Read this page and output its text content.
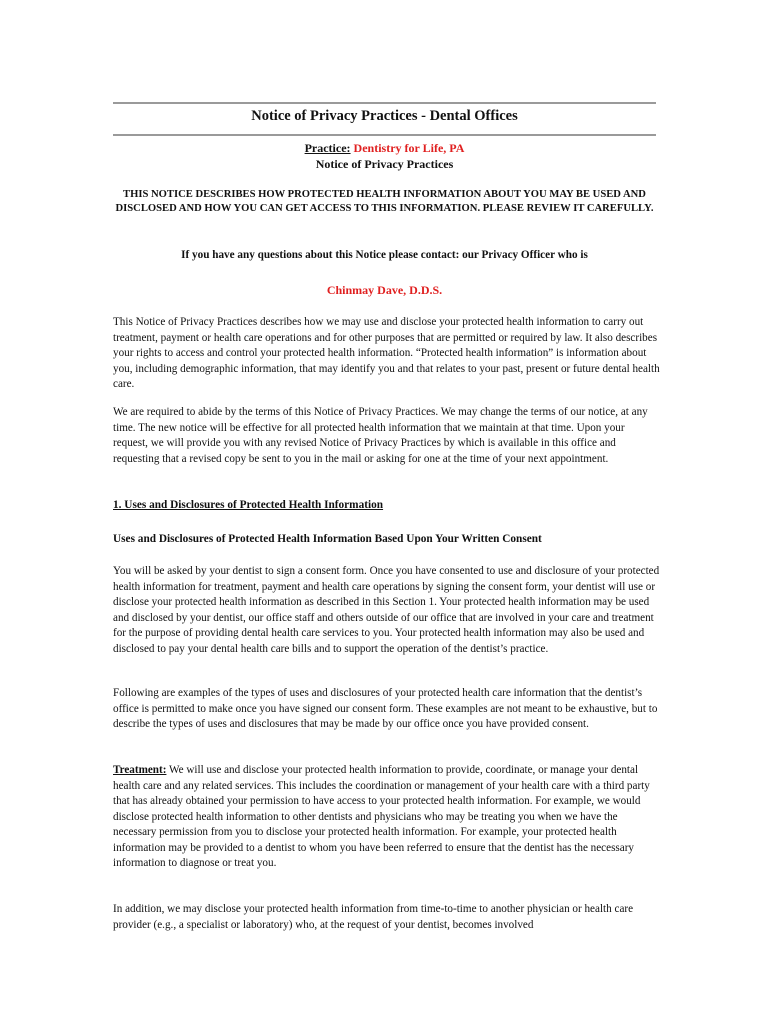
Notice of Privacy Practices - Dental Offices
Practice: Dentistry for Life, PA
Notice of Privacy Practices
THIS NOTICE DESCRIBES HOW PROTECTED HEALTH INFORMATION ABOUT YOU MAY BE USED AND DISCLOSED AND HOW YOU CAN GET ACCESS TO THIS INFORMATION. PLEASE REVIEW IT CAREFULLY.
If you have any questions about this Notice please contact: our Privacy Officer who is
Chinmay Dave, D.D.S.

This Notice of Privacy Practices describes how we may use and disclose your protected health information to carry out treatment, payment or health care operations and for other purposes that are permitted or required by law. It also describes your rights to access and control your protected health information. “Protected health information” is information about you, including demographic information, that may identify you and that relates to your past, present or future dental health care.

We are required to abide by the terms of this Notice of Privacy Practices. We may change the terms of our notice, at any time. The new notice will be effective for all protected health information that we maintain at that time. Upon your request, we will provide you with any revised Notice of Privacy Practices by which is available in this office and requesting that a revised copy be sent to you in the mail or asking for one at the time of your next appointment.

1. Uses and Disclosures of Protected Health Information
Uses and Disclosures of Protected Health Information Based Upon Your Written Consent

You will be asked by your dentist to sign a consent form. Once you have consented to use and disclosure of your protected health information for treatment, payment and health care operations by signing the consent form, your dentist will use or disclose your protected health information as described in this Section 1. Your protected health information may be used and disclosed by your dentist, our office staff and others outside of our office that are involved in your care and treatment for the purpose of providing dental health care services to you. Your protected health information may also be used and disclosed to pay your dental health care bills and to support the operation of the dentist’s practice.

Following are examples of the types of uses and disclosures of your protected health care information that the dentist’s office is permitted to make once you have signed our consent form. These examples are not meant to be exhaustive, but to describe the types of uses and disclosures that may be made by our office once you have provided consent.

Treatment: We will use and disclose your protected health information to provide, coordinate, or manage your dental health care and any related services. This includes the coordination or management of your health care with a third party that has already obtained your permission to have access to your protected health information. For example, we would disclose protected health information to other dentists and physicians who may be treating you when we have the necessary permission from you to disclose your protected health information. For example, your protected health information may be provided to a dentist to whom you have been referred to ensure that the dentist has the necessary information to diagnose or treat you.

In addition, we may disclose your protected health information from time-to-time to another physician or health care provider (e.g., a specialist or laboratory) who, at the request of your dentist, becomes involved
